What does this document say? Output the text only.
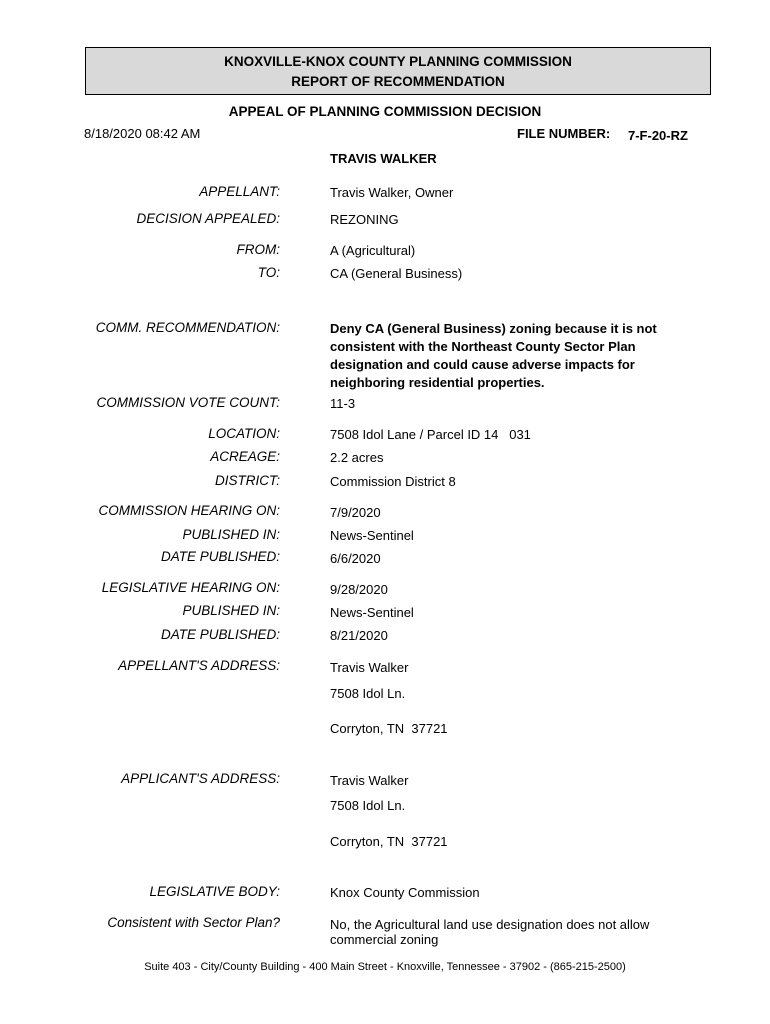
KNOXVILLE-KNOX COUNTY PLANNING COMMISSION
REPORT OF RECOMMENDATION
APPEAL OF PLANNING COMMISSION DECISION
8/18/2020 08:42 AM	FILE NUMBER: 7-F-20-RZ
TRAVIS WALKER
APPELLANT:	Travis Walker, Owner
DECISION APPEALED:	REZONING
FROM:	A (Agricultural)
TO:	CA (General Business)
COMM. RECOMMENDATION:	Deny CA (General Business) zoning because it is not consistent with the Northeast County Sector Plan designation and could cause adverse impacts for neighboring residential properties.
COMMISSION VOTE COUNT:	11-3
LOCATION:	7508 Idol Lane / Parcel ID 14   031
ACREAGE:	2.2 acres
DISTRICT:	Commission District 8
COMMISSION HEARING ON:	7/9/2020
PUBLISHED IN:	News-Sentinel
DATE PUBLISHED:	6/6/2020
LEGISLATIVE HEARING ON:	9/28/2020
PUBLISHED IN:	News-Sentinel
DATE PUBLISHED:	8/21/2020
APPELLANT'S ADDRESS:	Travis Walker
7508 Idol Ln.
Corryton, TN  37721
APPLICANT'S ADDRESS:	Travis Walker
7508 Idol Ln.
Corryton, TN  37721
LEGISLATIVE BODY:	Knox County Commission
Consistent with Sector Plan?	No, the Agricultural land use designation does not allow commercial zoning
Suite 403 - City/County Building - 400 Main Street - Knoxville, Tennessee - 37902 - (865-215-2500)
